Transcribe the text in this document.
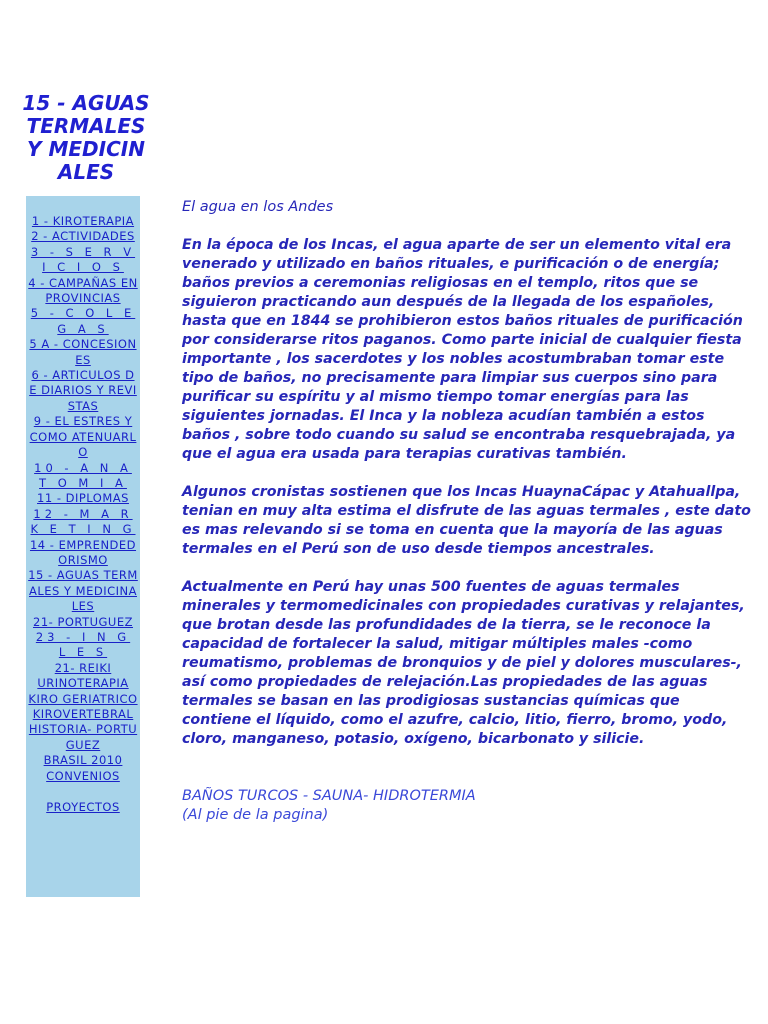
15 - AGUAS TERMALES Y MEDICINALES
1 - KIROTERAPIA
2 - ACTIVIDADES
3 - S E R V I C I O S
4 - CAMPAÑAS EN PROVINCIAS
5 - C O L E G A S
5 A - CONCESIONES
6 - ARTICULOS DE DIARIOS Y REVISTAS
9 - EL ESTRES Y COMO ATENUARLO
10 - A N A T O M I A
11 - DIPLOMAS
12 - M A R K E T I N G
14 - EMPRENDEDORISMO
15 - AGUAS TERMALES Y MEDICINALES
21- PORTUGUEZ
23 - I N G L E S
21- REIKI
URINOTERAPIA
KIRO GERIATRICO
KIROVERTEBRAL
HISTORIA- PORTUGUEZ
BRASIL 2010
CONVENIOS
PROYECTOS

El agua en los Andes

En la época de los Incas, el agua aparte de ser un elemento vital era venerado y utilizado en baños rituales, e purificación o de energía; baños previos a ceremonias religiosas en el templo, ritos que se siguieron practicando aun después de la llegada de los españoles, hasta que en 1844 se prohibieron estos baños rituales de purificación por considerarse ritos paganos. Como parte inicial de cualquier fiesta importante , los sacerdotes y los nobles acostumbraban tomar este tipo de baños, no precisamente para limpiar sus cuerpos sino para purificar su espíritu y al mismo tiempo tomar energías para las siguientes jornadas. El Inca y la nobleza acudían también a estos baños , sobre todo cuando su salud se encontraba resquebrajada, ya que el agua era usada para terapias curativas también.

Algunos cronistas sostienen que los Incas HuaynaCápac y Atahuallpa, tenian en muy alta estima el disfrute de las aguas termales , este dato es mas relevando si se toma en cuenta que la mayoría de las aguas termales en el Perú son de uso desde tiempos ancestrales.

Actualmente en Perú hay unas 500 fuentes de aguas termales minerales y termomedicinales con propiedades curativas y relajantes, que brotan desde las profundidades de la tierra, se le reconoce la capacidad de fortalecer la salud, mitigar múltiples males -como reumatismo, problemas de bronquios y de piel y dolores musculares-, así como propiedades de relejación.Las propiedades de las aguas termales se basan en las prodigiosas sustancias químicas que contiene el líquido, como el azufre, calcio, litio, fierro, bromo, yodo, cloro, manganeso, potasio, oxígeno, bicarbonato y silicie.

BAÑOS TURCOS - SAUNA- HIDROTERMIA
(Al pie de la pagina)
